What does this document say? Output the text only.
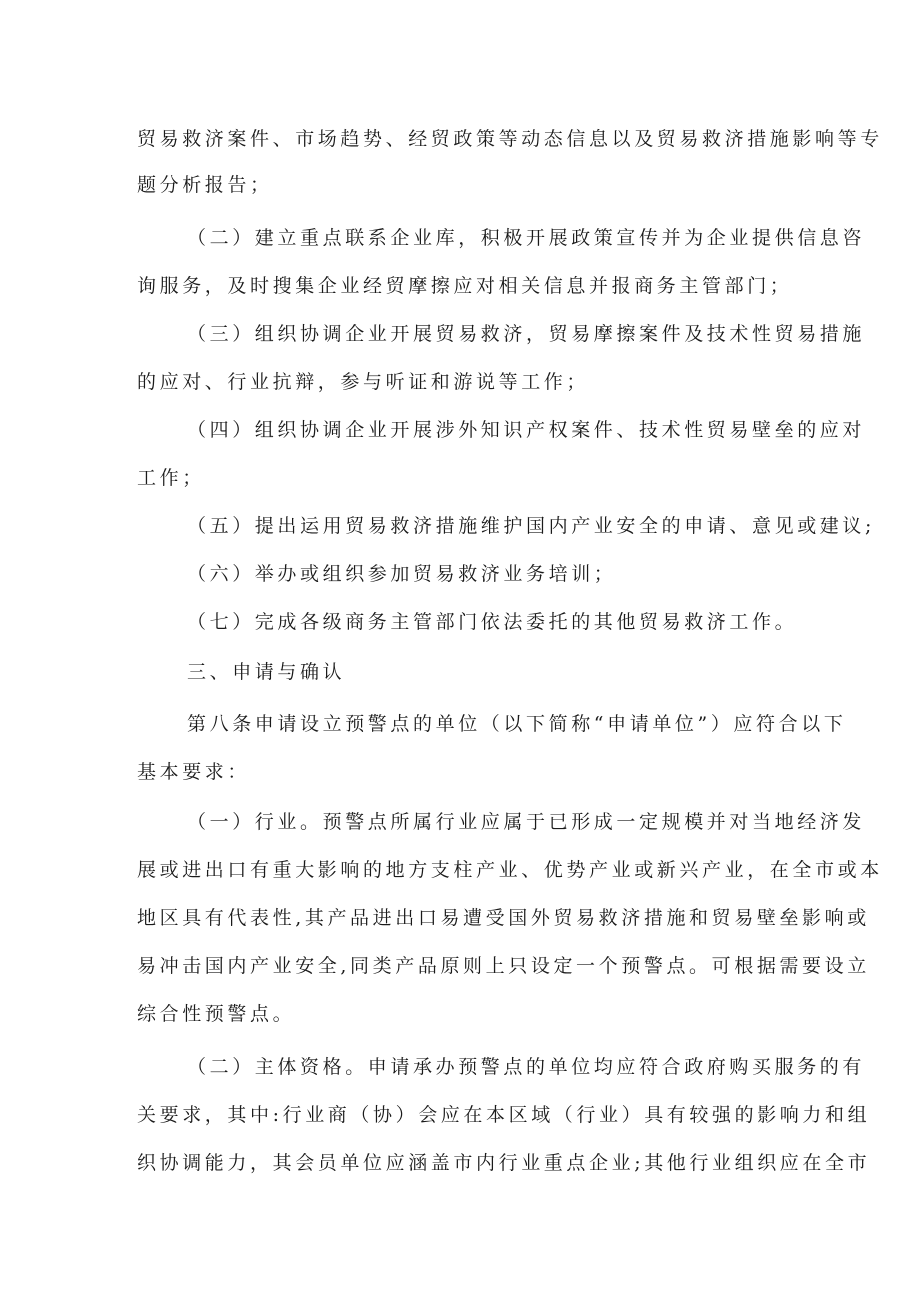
贸易救济案件、市场趋势、经贸政策等动态信息以及贸易救济措施影响等专
题分析报告；
（二）建立重点联系企业库，积极开展政策宣传并为企业提供信息咨
询服务，及时搜集企业经贸摩擦应对相关信息并报商务主管部门；
（三）组织协调企业开展贸易救济，贸易摩擦案件及技术性贸易措施
的应对、行业抗辩，参与听证和游说等工作；
（四）组织协调企业开展涉外知识产权案件、技术性贸易壁垒的应对
工作；
（五）提出运用贸易救济措施维护国内产业安全的申请、意见或建议;
（六）举办或组织参加贸易救济业务培训；
（七）完成各级商务主管部门依法委托的其他贸易救济工作。
三、申请与确认
第八条申请设立预警点的单位（以下简称“申请单位”）应符合以下
基本要求：
（一）行业。预警点所属行业应属于已形成一定规模并对当地经济发
展或进出口有重大影响的地方支柱产业、优势产业或新兴产业，在全市或本
地区具有代表性,其产品进出口易遭受国外贸易救济措施和贸易壁垒影响或
易冲击国内产业安全,同类产品原则上只设定一个预警点。可根据需要设立
综合性预警点。
（二）主体资格。申请承办预警点的单位均应符合政府购买服务的有
关要求，其中:行业商（协）会应在本区域（行业）具有较强的影响力和组
织协调能力，其会员单位应涵盖市内行业重点企业;其他行业组织应在全市
